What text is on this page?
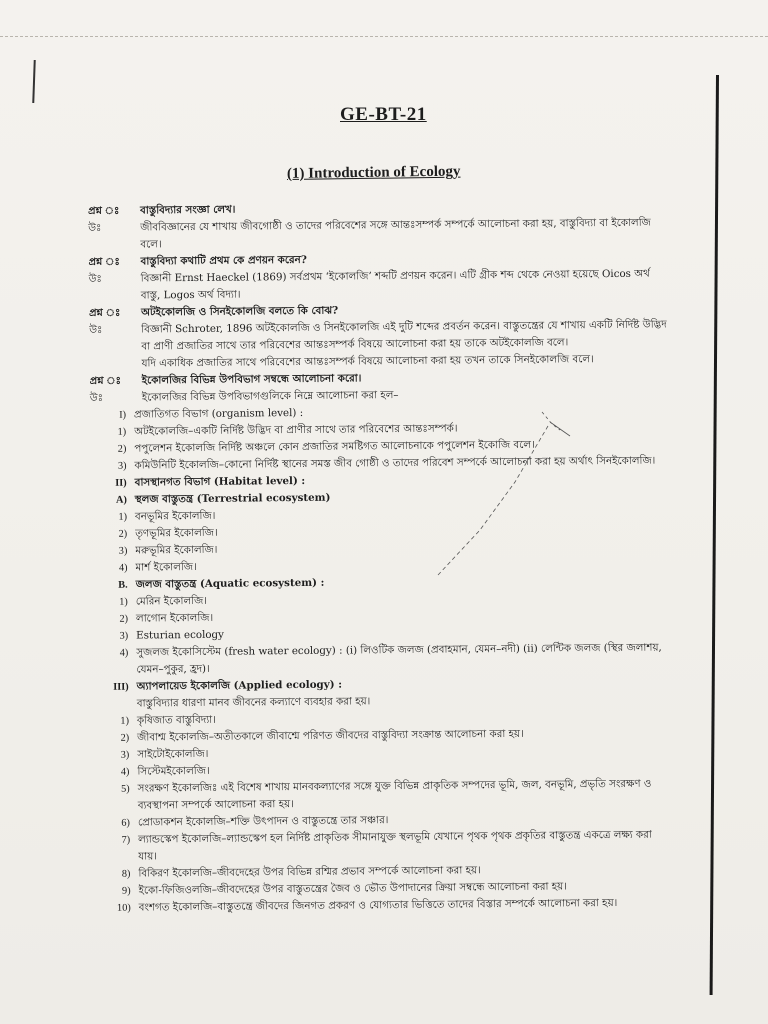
GE-BT-21
(1) Introduction of Ecology
প্রশ্ন ঃ	বাস্তুবিদ্যার সংজ্ঞা লেখ।
উঃ	জীববিজ্ঞানের যে শাখায় জীবগোষ্ঠী ও তাদের পরিবেশের সঙ্গে আন্তঃসম্পর্ক সম্পর্কে আলোচনা করা হয়, বাস্তুবিদ্যা বা ইকোলজি
বলে।
প্রশ্ন ঃ	বাস্তুবিদ্যা কথাটি প্রথম কে প্রণয়ন করেন?
উঃ	বিজ্ঞানী Ernst Haeckel (1869) সর্বপ্রথম ‘ইকোলজি’ শব্দটি প্রণয়ন করেন। এটি গ্রীক শব্দ থেকে নেওয়া হয়েছে Oicos অর্থ
বাস্তু, Logos অর্থ বিদ্যা।
প্রশ্ন ঃ	অটইকোলজি ও সিনইকোলজি বলতে কি বোঝ?
উঃ	বিজ্ঞানী Schroter, 1896 অটইকোলজি ও সিনইকোলজি এই দুটি শব্দের প্রবর্তন করেন। বাস্তুতন্ত্রের যে শাখায় একটি নির্দিষ্ট উদ্ভিদ
বা প্রাণী প্রজাতির সাথে তার পরিবেশের আন্তঃসম্পর্ক বিষয়ে আলোচনা করা হয় তাকে অটইকোলজি বলে।
যদি একাধিক প্রজাতির সাথে পরিবেশের আন্তঃসম্পর্ক বিষয়ে আলোচনা করা হয় তখন তাকে সিনইকোলজি বলে।
প্রশ্ন ঃ	ইকোলজির বিভিন্ন উপবিভাগ সম্বন্ধে আলোচনা করো।
উঃ	ইকোলজির বিভিন্ন উপবিভাগগুলিকে নিম্নে আলোচনা করা হল–
I) প্রজাতিগত বিভাগ (organism level) :
1) অটইকোলজি–একটি নির্দিষ্ট উদ্ভিদ বা প্রাণীর সাথে তার পরিবেশের আন্তঃসম্পর্ক।
2) পপুলেশন ইকোলজি নির্দিষ্ট অঞ্চলে কোন প্রজাতির সমষ্টিগত আলোচনাকে পপুলেশন ইকোজি বলে।
3) কমিউনিটি ইকোলজি–কোনো নির্দিষ্ট স্থানের সমস্ত জীব গোষ্ঠী ও তাদের পরিবেশ সম্পর্কে আলোচনা করা হয় অর্থাৎ সিনইকোলজি।
II) বাসস্থানগত বিভাগ (Habitat level) :
A) স্থলজ বাস্তুতন্ত্র (Terrestrial ecosystem)
1) বনভূমির ইকোলজি।
2) তৃণভূমির ইকোলজি।
3) মরুভূমির ইকোলজি।
4) মার্শ ইকোলজি।
B. জলজ বাস্তুতন্ত্র (Aquatic ecosystem) :
1) মেরিন ইকোলজি।
2) লাগোন ইকোলজি।
3) Esturian ecology
4) সুজলজ ইকোসিস্টেম (fresh water ecology) : (i) লিওটিক জলজ (প্রবাহমান, যেমন–নদী) (ii) লেন্টিক জলজ (স্থির জলাশয়,
যেমন–পুকুর, হ্রদ)।
III) অ্যাপলায়েড ইকোলজি (Applied ecology) :
বাস্তুবিদ্যার ধারণা মানব জীবনের কল্যাণে ব্যবহার করা হয়।
1) কৃষিজাত বাস্তুবিদ্যা।
2) জীবাশ্ম ইকোলজি–অতীতকালে জীবাশ্মে পরিণত জীবদের বাস্তুবিদ্যা সংক্রান্ত আলোচনা করা হয়।
3) সাইটোইকোলজি।
4) সিস্টেমইকোলজি।
5) সংরক্ষণ ইকোলজিঃ এই বিশেষ শাখায় মানবকল্যাণের সঙ্গে যুক্ত বিভিন্ন প্রাকৃতিক সম্পদের ভূমি, জল, বনভূমি, প্রভৃতি সংরক্ষণ ও
ব্যবস্থাপনা সম্পর্কে আলোচনা করা হয়।
6) প্রোডাকশন ইকোলজি–শক্তি উৎপাদন ও বাস্তুতন্ত্রে তার সঞ্চার।
7) ল্যান্ডস্কেপ ইকোলজি–ল্যান্ডস্কেপ হল নির্দিষ্ট প্রাকৃতিক সীমানাযুক্ত স্থলভূমি যেখানে পৃথক পৃথক প্রকৃতির বাস্তুতন্ত্র একত্রে লক্ষ্য করা
যায়।
8) বিকিরণ ইকোলজি–জীবদেহের উপর বিভিন্ন রশ্মির প্রভাব সম্পর্কে আলোচনা করা হয়।
9) ইকো-ফিজিওলজি–জীবদেহের উপর বাস্তুতন্ত্রের জৈব ও ভৌত উপাদানের ক্রিয়া সম্বন্ধে আলোচনা করা হয়।
10) বংশগত ইকোলজি–বাস্তুতন্ত্রে জীবদের জিনগত প্রকরণ ও যোগ্যতার ভিত্তিতে তাদের বিস্তার সম্পর্কে আলোচনা করা হয়।
